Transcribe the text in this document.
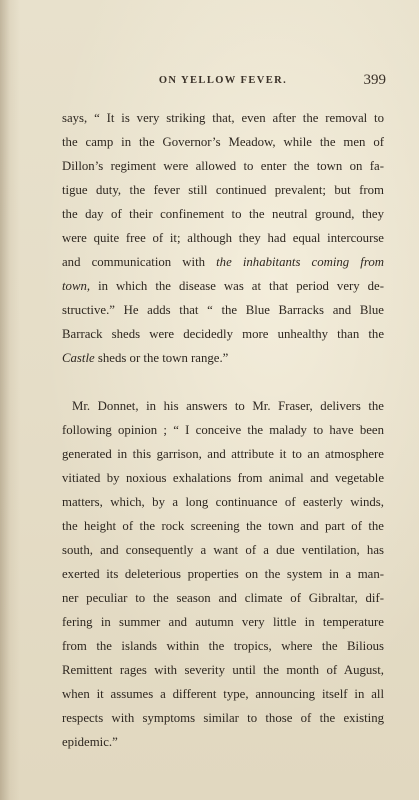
ON YELLOW FEVER.	399
says, “ It is very striking that, even after the removal to
the camp in the Governor’s Meadow, while the men of
Dillon’s regiment were allowed to enter the town on fa-
tigue duty, the fever still continued prevalent; but from
the day of their confinement to the neutral ground, they
were quite free of it; although they had equal intercourse
and communication with the inhabitants coming from
town, in which the disease was at that period very de-
structive.” He adds that “ the Blue Barracks and Blue
Barrack sheds were decidedly more unhealthy than the
Castle sheds or the town range.”
Mr. Donnet, in his answers to Mr. Fraser, delivers the
following opinion ; “ I conceive the malady to have been
generated in this garrison, and attribute it to an atmosphere
vitiated by noxious exhalations from animal and vegetable
matters, which, by a long continuance of easterly winds,
the height of the rock screening the town and part of the
south, and consequently a want of a due ventilation, has
exerted its deleterious properties on the system in a man-
ner peculiar to the season and climate of Gibraltar, dif-
fering in summer and autumn very little in temperature
from the islands within the tropics, where the Bilious
Remittent rages with severity until the month of August,
when it assumes a different type, announcing itself in all
respects with symptoms similar to those of the existing
epidemic.”
